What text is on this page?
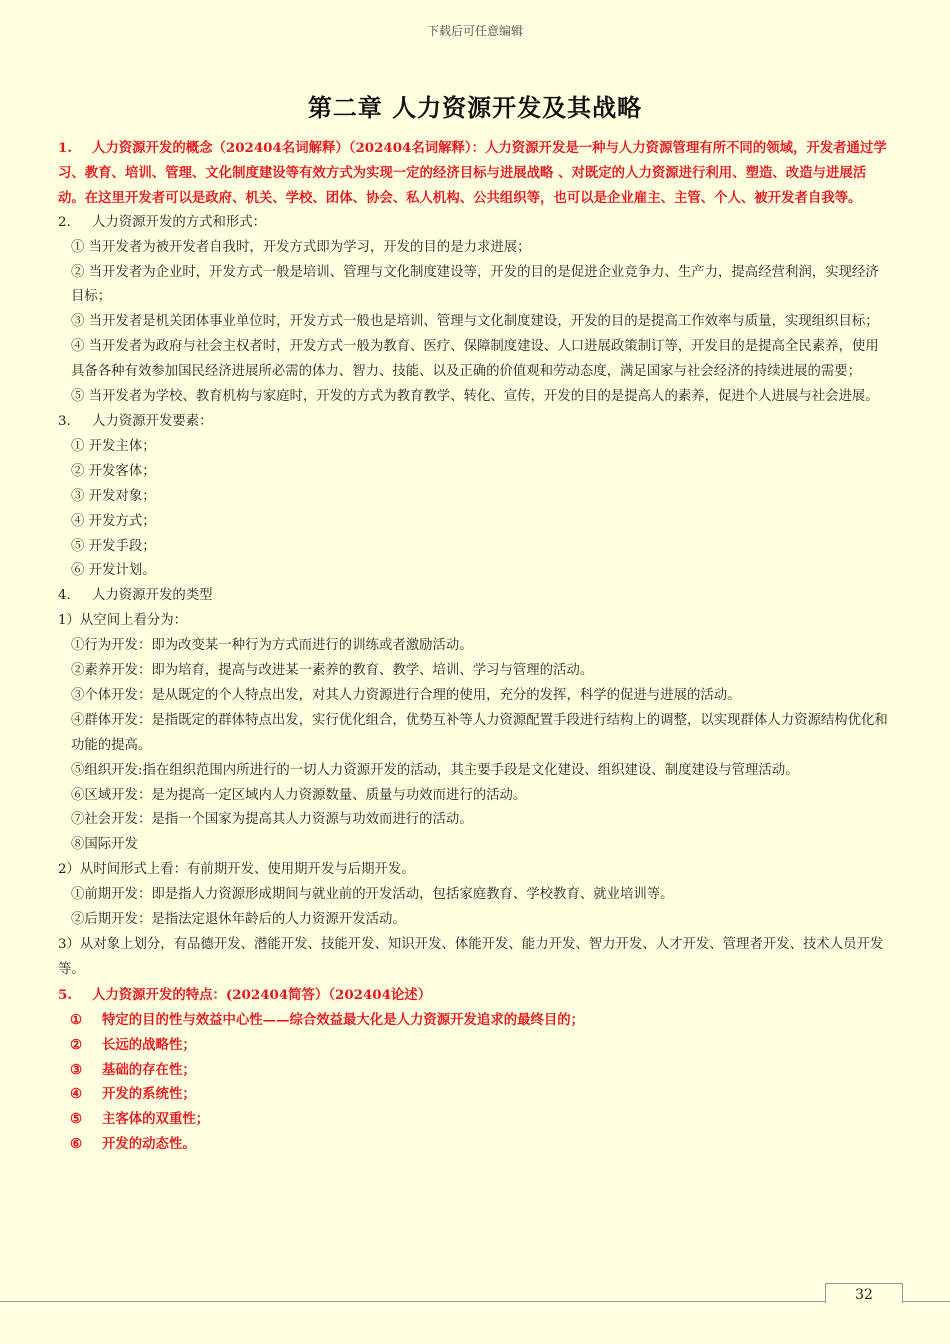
下载后可任意编辑
第二章 人力资源开发及其战略

1. 人力资源开发的概念（202404名词解释）（202404名词解释）：人力资源开发是一种与人力资源管理有所不同的领域，开发者通过学习、教育、培训、管理、文化制度建设等有效方式为实现一定的经济目标与进展战略 、对既定的人力资源进行利用、塑造、改造与进展活动。在这里开发者可以是政府、机关、学校、团体、协会、私人机构、公共组织等，也可以是企业雇主、主管、个人、被开发者自我等。

2. 人力资源开发的方式和形式：

① 当开发者为被开发者自我时，开发方式即为学习，开发的目的是力求进展；

② 当开发者为企业时，开发方式一般是培训、管理与文化制度建设等，开发的目的是促进企业竞争力、生产力，提高经营利润，实现经济目标；

③ 当开发者是机关团体事业单位时，开发方式一般也是培训、管理与文化制度建设，开发的目的是提高工作效率与质量，实现组织目标；

④ 当开发者为政府与社会主权者时，开发方式一般为教育、医疗、保障制度建设、人口进展政策制订等，开发目的是提高全民素养，使用具备各种有效参加国民经济进展所必需的体力、智力、技能、以及正确的价值观和劳动态度，满足国家与社会经济的持续进展的需要；

⑤ 当开发者为学校、教育机构与家庭时，开发的方式为教育教学、转化、宣传，开发的目的是提高人的素养，促进个人进展与社会进展。

3. 人力资源开发要素：

① 开发主体；

② 开发客体；

③ 开发对象；

④ 开发方式；

⑤ 开发手段；

⑥ 开发计划。

4. 人力资源开发的类型

1）从空间上看分为：

①行为开发：即为改变某一种行为方式而进行的训练或者激励活动。

②素养开发：即为培育，提高与改进某一素养的教育、教学、培训、学习与管理的活动。

③个体开发：是从既定的个人特点出发，对其人力资源进行合理的使用，充分的发挥，科学的促进与进展的活动。

④群体开发：是指既定的群体特点出发，实行优化组合，优势互补等人力资源配置手段进行结构上的调整，以实现群体人力资源结构优化和功能的提高。

⑤组织开发:指在组织范围内所进行的一切人力资源开发的活动，其主要手段是文化建设、组织建设、制度建设与管理活动。

⑥区域开发：是为提高一定区域内人力资源数量、质量与功效而进行的活动。

⑦社会开发：是指一个国家为提高其人力资源与功效而进行的活动。

⑧国际开发

2）从时间形式上看：有前期开发、使用期开发与后期开发。

①前期开发：即是指人力资源形成期间与就业前的开发活动，包括家庭教育、学校教育、就业培训等。

②后期开发：是指法定退休年龄后的人力资源开发活动。

3）从对象上划分，有品德开发、潜能开发、技能开发、知识开发、体能开发、能力开发、智力开发、人才开发、管理者开发、技术人员开发等。

5. 人力资源开发的特点：(202404简答）（202404论述）

① 特定的目的性与效益中心性——综合效益最大化是人力资源开发追求的最终目的；

② 长远的战略性；

③ 基础的存在性；

④ 开发的系统性；

⑤ 主客体的双重性；

⑥ 开发的动态性。

32
